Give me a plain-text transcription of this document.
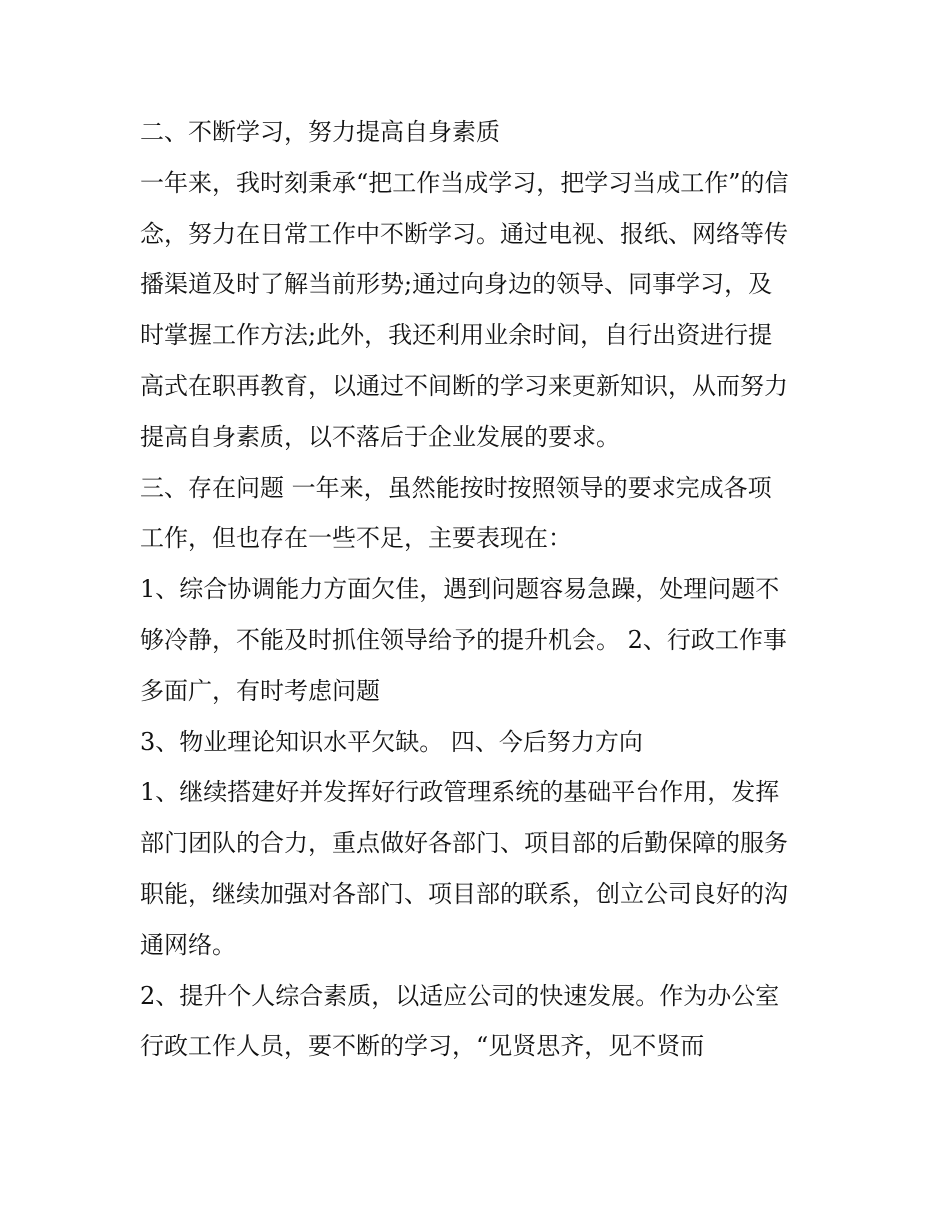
二、不断学习，努力提高自身素质
一年来，我时刻秉承“把工作当成学习，把学习当成工作”的信
念，努力在日常工作中不断学习。通过电视、报纸、网络等传
播渠道及时了解当前形势;通过向身边的领导、同事学习，及
时掌握工作方法;此外，我还利用业余时间，自行出资进行提
高式在职再教育，以通过不间断的学习来更新知识，从而努力
提高自身素质，以不落后于企业发展的要求。
三、存在问题 一年来，虽然能按时按照领导的要求完成各项
工作，但也存在一些不足，主要表现在：
1、综合协调能力方面欠佳，遇到问题容易急躁，处理问题不
够冷静，不能及时抓住领导给予的提升机会。 2、行政工作事
多面广，有时考虑问题
3、物业理论知识水平欠缺。 四、今后努力方向
1、继续搭建好并发挥好行政管理系统的基础平台作用，发挥
部门团队的合力，重点做好各部门、项目部的后勤保障的服务
职能，继续加强对各部门、项目部的联系，创立公司良好的沟
通网络。
2、提升个人综合素质，以适应公司的快速发展。作为办公室
行政工作人员，要不断的学习，“见贤思齐，见不贤而
